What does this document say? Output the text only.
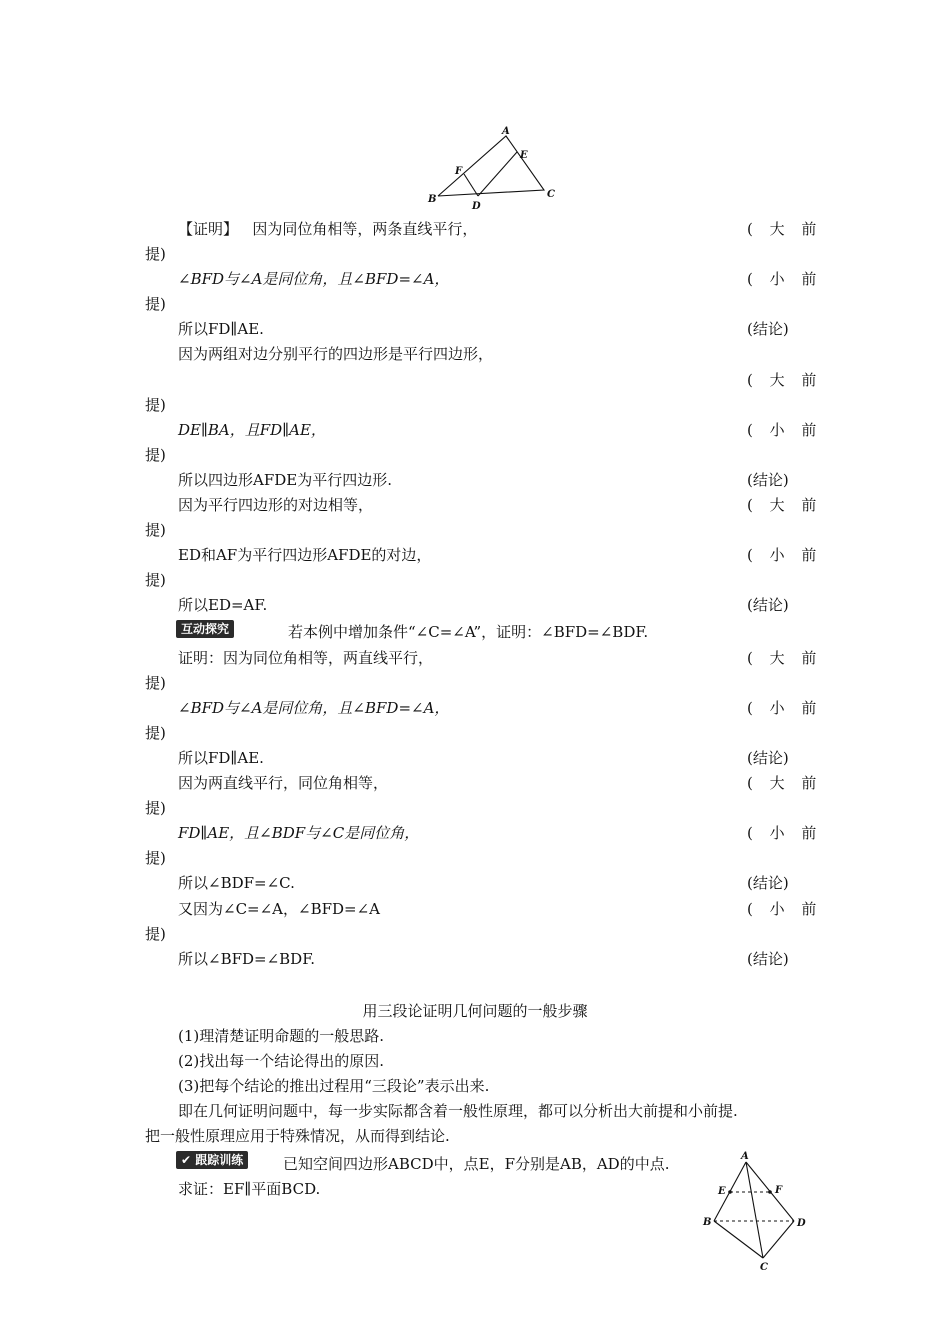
A
E
F
B
D
C
【证明】 因为同位角相等，两条直线平行，	( 大 前
提)
∠BFD与∠A是同位角，且∠BFD=∠A，	( 小 前
提)
所以FD∥AE.	(结论)
因为两组对边分别平行的四边形是平行四边形，
( 大 前
提)
DE∥BA，且FD∥AE，	( 小 前
提)
所以四边形AFDE为平行四边形.	(结论)
因为平行四边形的对边相等，	( 大 前
提)
ED和AF为平行四边形AFDE的对边，	( 小 前
提)
所以ED=AF.	(结论)
互动探究	若本例中增加条件“∠C=∠A”，证明：∠BFD=∠BDF.
证明：因为同位角相等，两直线平行，	( 大 前
提)
∠BFD与∠A是同位角，且∠BFD=∠A，	( 小 前
提)
所以FD∥AE.	(结论)
因为两直线平行，同位角相等，	( 大 前
提)
FD∥AE，且∠BDF与∠C是同位角，	( 小 前
提)
所以∠BDF=∠C.	(结论)
又因为∠C=∠A，∠BFD=∠A	( 小 前
提)
所以∠BFD=∠BDF.	(结论)
用三段论证明几何问题的一般步骤
(1)理清楚证明命题的一般思路.
(2)找出每一个结论得出的原因.
(3)把每个结论的推出过程用“三段论”表示出来.
即在几何证明问题中，每一步实际都含着一般性原理，都可以分析出大前提和小前提.
把一般性原理应用于特殊情况，从而得到结论.
✔ 跟踪训练	已知空间四边形ABCD中，点E，F分别是AB，AD的中点.
求证：EF∥平面BCD.
A
E	F
B	D
C
